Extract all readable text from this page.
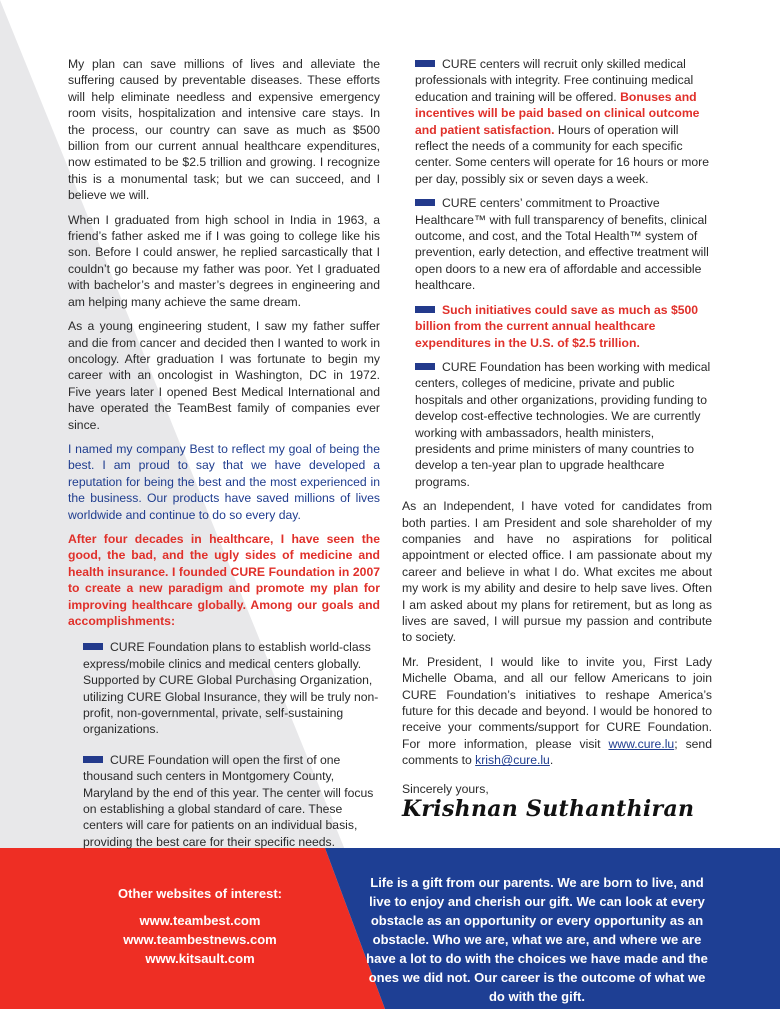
My plan can save millions of lives and alleviate the suffering caused by preventable diseases. These efforts will help eliminate needless and expensive emergency room visits, hospitalization and intensive care stays. In the process, our country can save as much as $500 billion from our current annual healthcare expenditures, now estimated to be $2.5 trillion and growing. I recognize this is a monumental task; but we can succeed, and I believe we will.

When I graduated from high school in India in 1963, a friend’s father asked me if I was going to college like his son. Before I could answer, he replied sarcastically that I couldn’t go because my father was poor. Yet I graduated with bachelor’s and master’s degrees in engineering and am helping many achieve the same dream.

As a young engineering student, I saw my father suffer and die from cancer and decided then I wanted to work in oncology. After graduation I was fortunate to begin my career with an oncologist in Washington, DC in 1972. Five years later I opened Best Medical International and have operated the TeamBest family of companies ever since.

I named my company Best to reflect my goal of being the best. I am proud to say that we have developed a reputation for being the best and the most experienced in the business. Our products have saved millions of lives worldwide and continue to do so every day.

After four decades in healthcare, I have seen the good, the bad, and the ugly sides of medicine and health insurance. I founded CURE Foundation in 2007 to create a new paradigm and promote my plan for improving healthcare globally. Among our goals and accomplishments:

CURE Foundation plans to establish world-class express/mobile clinics and medical centers globally. Supported by CURE Global Purchasing Organization, utilizing CURE Global Insurance, they will be truly non-profit, non-governmental, private, self-sustaining organizations.
CURE Foundation will open the first of one thousand such centers in Montgomery County, Maryland by the end of this year. The center will focus on establishing a global standard of care. These centers will care for patients on an individual basis, providing the best care for their specific needs.
CURE centers will recruit only skilled medical professionals with integrity. Free continuing medical education and training will be offered. Bonuses and incentives will be paid based on clinical outcome and patient satisfaction. Hours of operation will reflect the needs of a community for each specific center. Some centers will operate for 16 hours or more per day, possibly six or seven days a week.
CURE centers’ commitment to Proactive Healthcare™ with full transparency of benefits, clinical outcome, and cost, and the Total Health™ system of prevention, early detection, and effective treatment will open doors to a new era of affordable and accessible healthcare.
Such initiatives could save as much as $500 billion from the current annual healthcare expenditures in the U.S. of $2.5 trillion.
CURE Foundation has been working with medical centers, colleges of medicine, private and public hospitals and other organizations, providing funding to develop cost-effective technologies. We are currently working with ambassadors, health ministers, presidents and prime ministers of many countries to develop a ten-year plan to upgrade healthcare programs.

As an Independent, I have voted for candidates from both parties. I am President and sole shareholder of my companies and have no aspirations for political appointment or elected office. I am passionate about my career and believe in what I do. What excites me about my work is my ability and desire to help save lives. Often I am asked about my plans for retirement, but as long as lives are saved, I will pursue my passion and contribute to society.

Mr. President, I would like to invite you, First Lady Michelle Obama, and all our fellow Americans to join CURE Foundation’s initiatives to reshape America’s future for this decade and beyond. I would be honored to receive your comments/support for CURE Foundation. For more information, please visit www.cure.lu; send comments to krish@cure.lu.

Sincerely yours,
Krishnan Suthanthiran
Other websites of interest:
www.teambest.com
www.teambestnews.com
www.kitsault.com
Life is a gift from our parents. We are born to live, and live to enjoy and cherish our gift. We can look at every obstacle as an opportunity or every opportunity as an obstacle. Who we are, what we are, and where we are have a lot to do with the choices we have made and the ones we did not. Our career is the outcome of what we do with the gift.
